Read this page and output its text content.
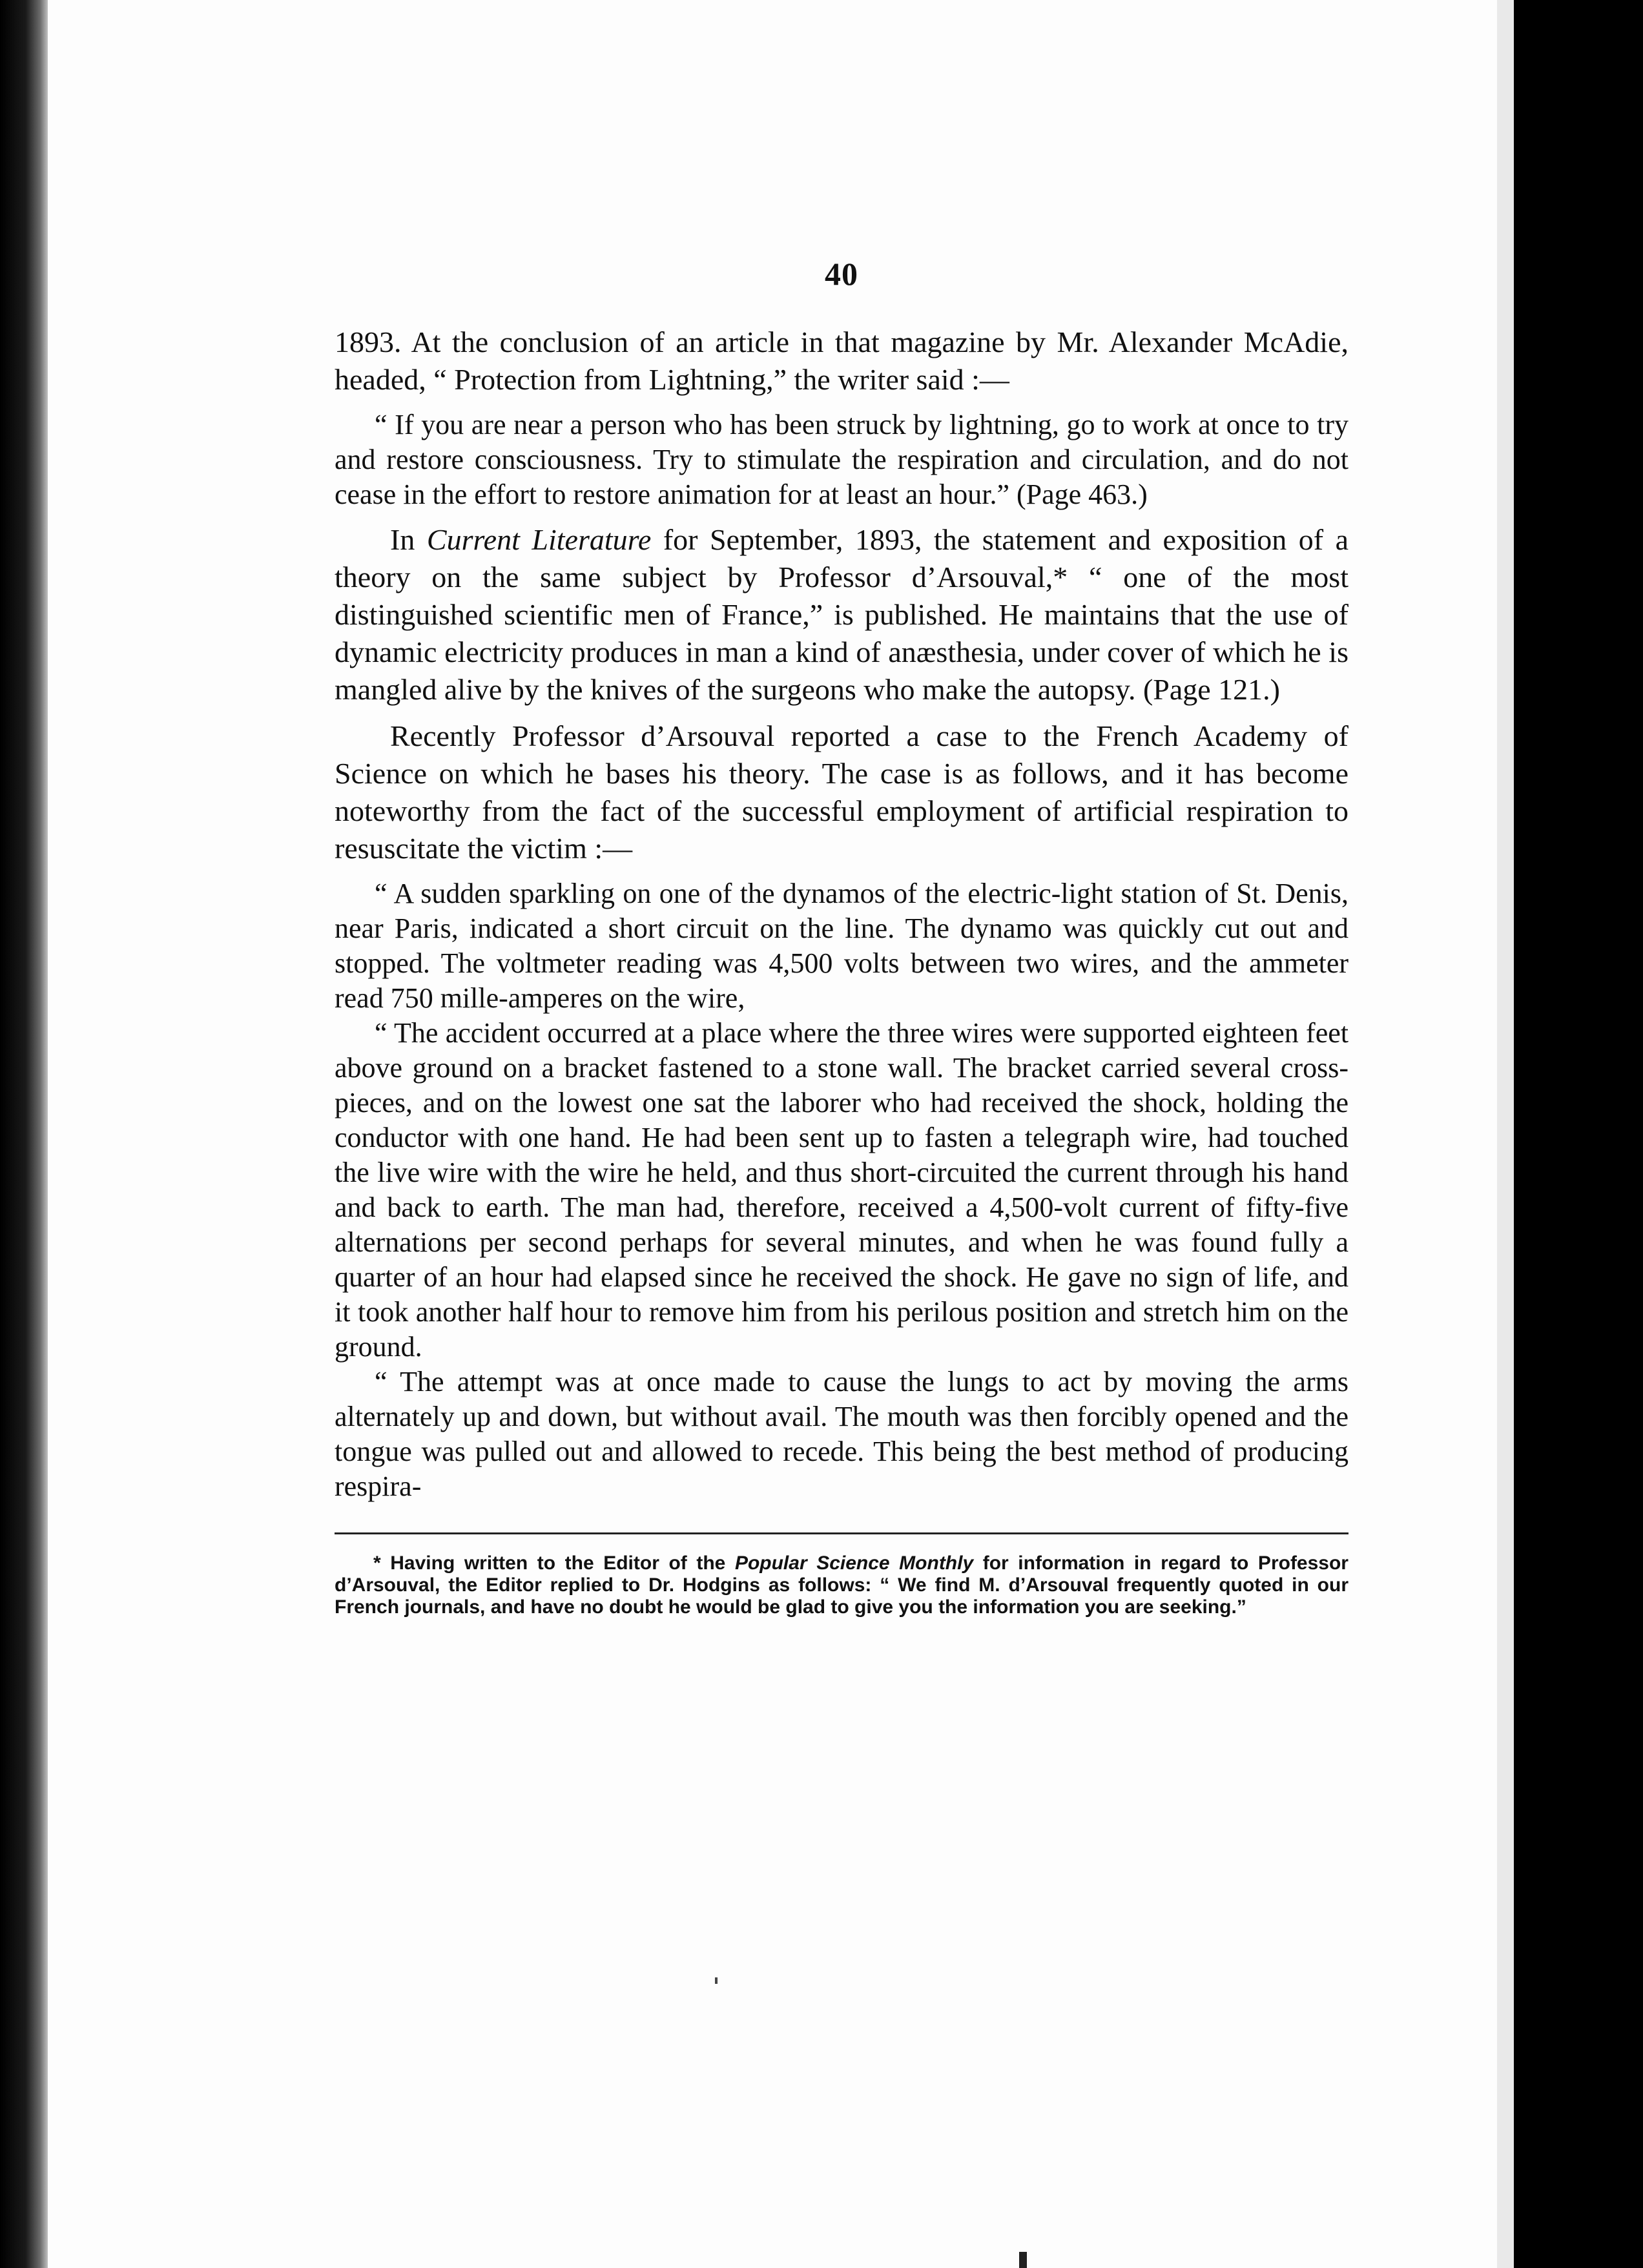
40

1893. At the conclusion of an article in that magazine by Mr. Alexander McAdie, headed, “ Protection from Lightning,” the writer said :—

“ If you are near a person who has been struck by lightning, go to work at once to try and restore consciousness. Try to stimulate the respiration and circulation, and do not cease in the effort to restore animation for at least an hour.” (Page 463.)

In Current Literature for September, 1893, the statement and exposition of a theory on the same subject by Professor d’Arsouval,* “ one of the most distinguished scientific men of France,” is published. He maintains that the use of dynamic electricity produces in man a kind of anæsthesia, under cover of which he is mangled alive by the knives of the surgeons who make the autopsy. (Page 121.)

Recently Professor d’Arsouval reported a case to the French Academy of Science on which he bases his theory. The case is as follows, and it has become noteworthy from the fact of the successful employment of artificial respiration to resuscitate the victim :—

“ A sudden sparkling on one of the dynamos of the electric-light station of St. Denis, near Paris, indicated a short circuit on the line. The dynamo was quickly cut out and stopped. The voltmeter reading was 4,500 volts between two wires, and the ammeter read 750 mille-amperes on the wire,

“ The accident occurred at a place where the three wires were supported eighteen feet above ground on a bracket fastened to a stone wall. The bracket carried several cross-pieces, and on the lowest one sat the laborer who had received the shock, holding the conductor with one hand. He had been sent up to fasten a telegraph wire, had touched the live wire with the wire he held, and thus short-circuited the current through his hand and back to earth. The man had, therefore, received a 4,500-volt current of fifty-five alternations per second perhaps for several minutes, and when he was found fully a quarter of an hour had elapsed since he received the shock. He gave no sign of life, and it took another half hour to remove him from his perilous position and stretch him on the ground.

“ The attempt was at once made to cause the lungs to act by moving the arms alternately up and down, but without avail. The mouth was then forcibly opened and the tongue was pulled out and allowed to recede. This being the best method of producing respira-

* Having written to the Editor of the Popular Science Monthly for information in regard to Professor d’Arsouval, the Editor replied to Dr. Hodgins as follows: “ We find M. d’Arsouval frequently quoted in our French journals, and have no doubt he would be glad to give you the information you are seeking.”
